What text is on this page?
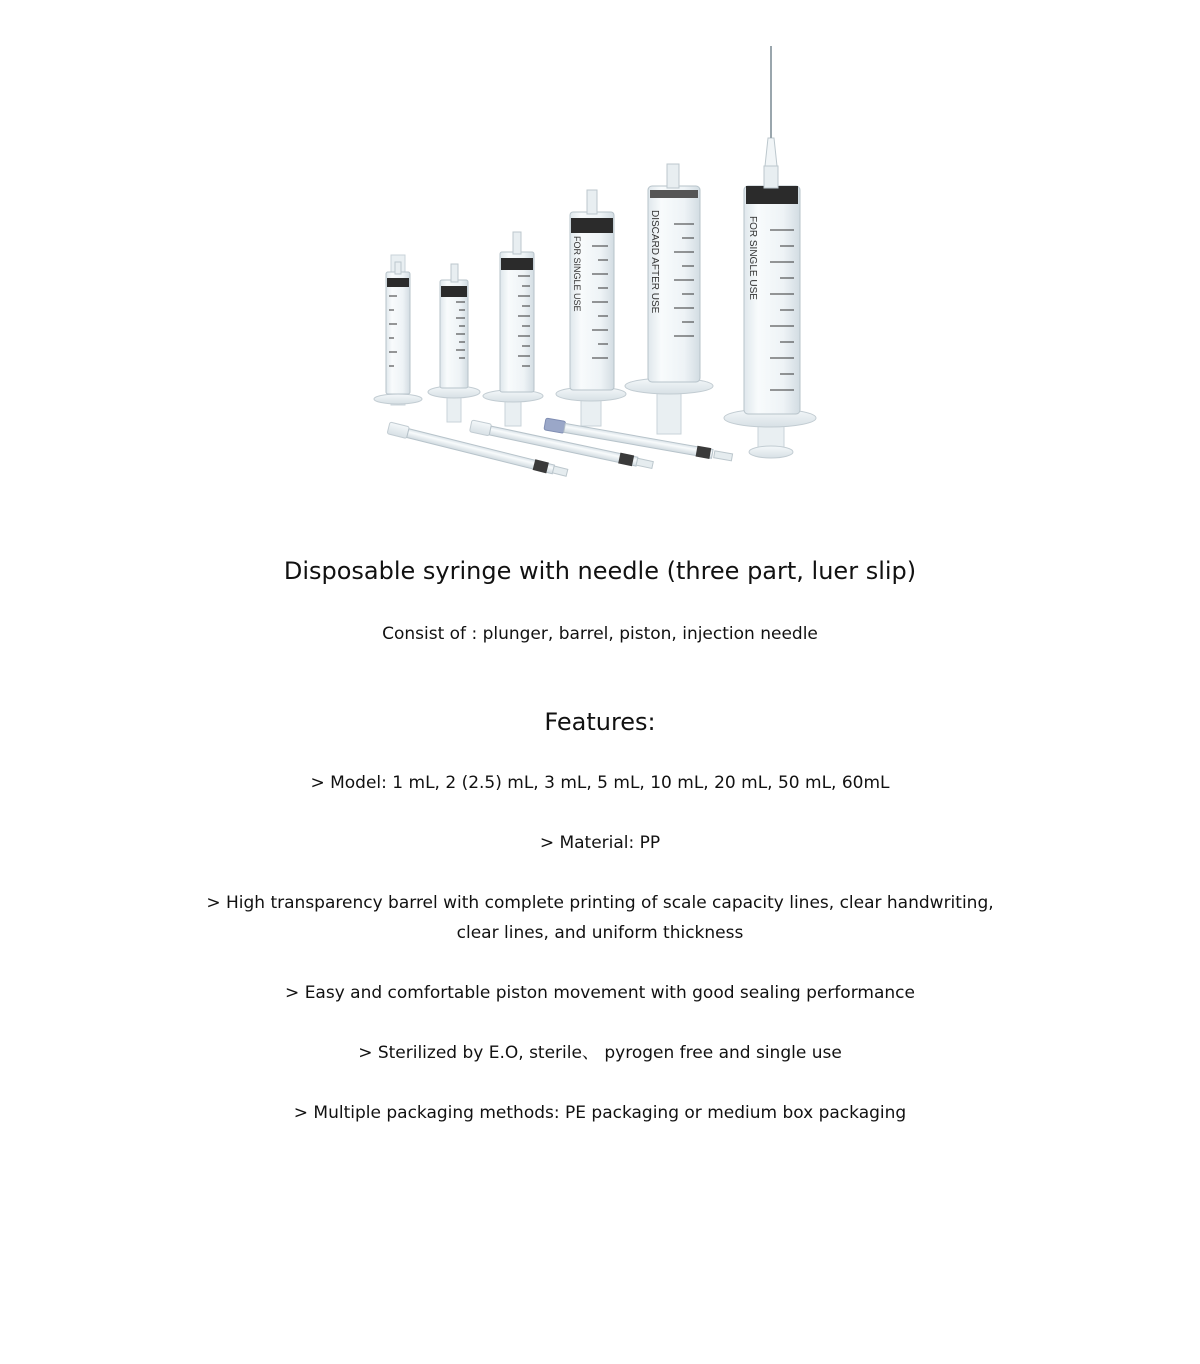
FOR SINGLE USE	DISCARD AFTER USE	FOR SINGLE USE
Disposable syringe with needle (three part, luer slip)

Consist of : plunger, barrel, piston, injection needle

Features:

> Model: 1 mL, 2 (2.5) mL, 3 mL, 5 mL, 10 mL, 20 mL, 50 mL, 60mL

> Material: PP

> High transparency barrel with complete printing of scale capacity lines, clear handwriting, clear lines, and uniform thickness

> Easy and comfortable piston movement with good sealing performance

> Sterilized by E.O, sterile、 pyrogen free and single use

> Multiple packaging methods: PE packaging or medium box packaging
